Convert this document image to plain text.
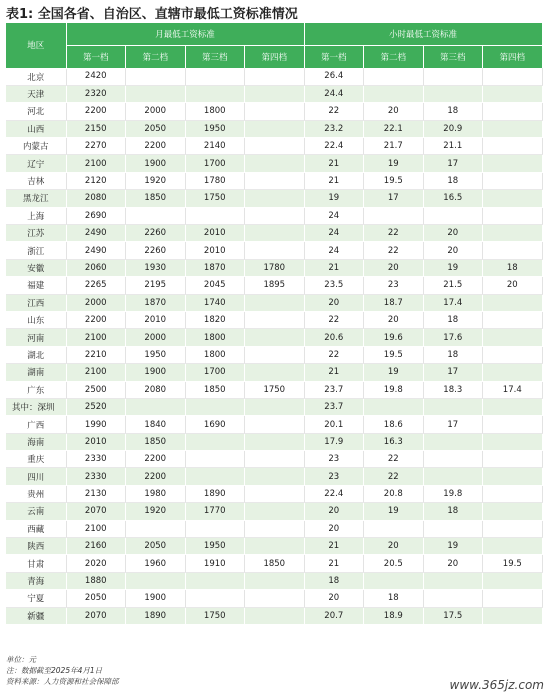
表1: 全国各省、自治区、直辖市最低工资标准情况
地区	月最低工资标准				小时最低工资标准			
	第一档	第二档	第三档	第四档	第一档	第二档	第三档	第四档
北京	2420				26.4			
天津	2320				24.4			
河北	2200	2000	1800		22	20	18	
山西	2150	2050	1950		23.2	22.1	20.9	
内蒙古	2270	2200	2140		22.4	21.7	21.1	
辽宁	2100	1900	1700		21	19	17	
吉林	2120	1920	1780		21	19.5	18	
黑龙江	2080	1850	1750		19	17	16.5	
上海	2690				24			
江苏	2490	2260	2010		24	22	20	
浙江	2490	2260	2010		24	22	20	
安徽	2060	1930	1870	1780	21	20	19	18
福建	2265	2195	2045	1895	23.5	23	21.5	20
江西	2000	1870	1740		20	18.7	17.4	
山东	2200	2010	1820		22	20	18	
河南	2100	2000	1800		20.6	19.6	17.6	
湖北	2210	1950	1800		22	19.5	18	
湖南	2100	1900	1700		21	19	17	
广东	2500	2080	1850	1750	23.7	19.8	18.3	17.4
其中：深圳	2520				23.7			
广西	1990	1840	1690		20.1	18.6	17	
海南	2010	1850			17.9	16.3		
重庆	2330	2200			23	22		
四川	2330	2200			23	22		
贵州	2130	1980	1890		22.4	20.8	19.8	
云南	2070	1920	1770		20	19	18	
西藏	2100				20			
陕西	2160	2050	1950		21	20	19	
甘肃	2020	1960	1910	1850	21	20.5	20	19.5
青海	1880				18			
宁夏	2050	1900			20	18		
新疆	2070	1890	1750		20.7	18.9	17.5	
单位：元
注：数据截至2025年4月1日
资料来源：人力资源和社会保障部	www.365jz.com
